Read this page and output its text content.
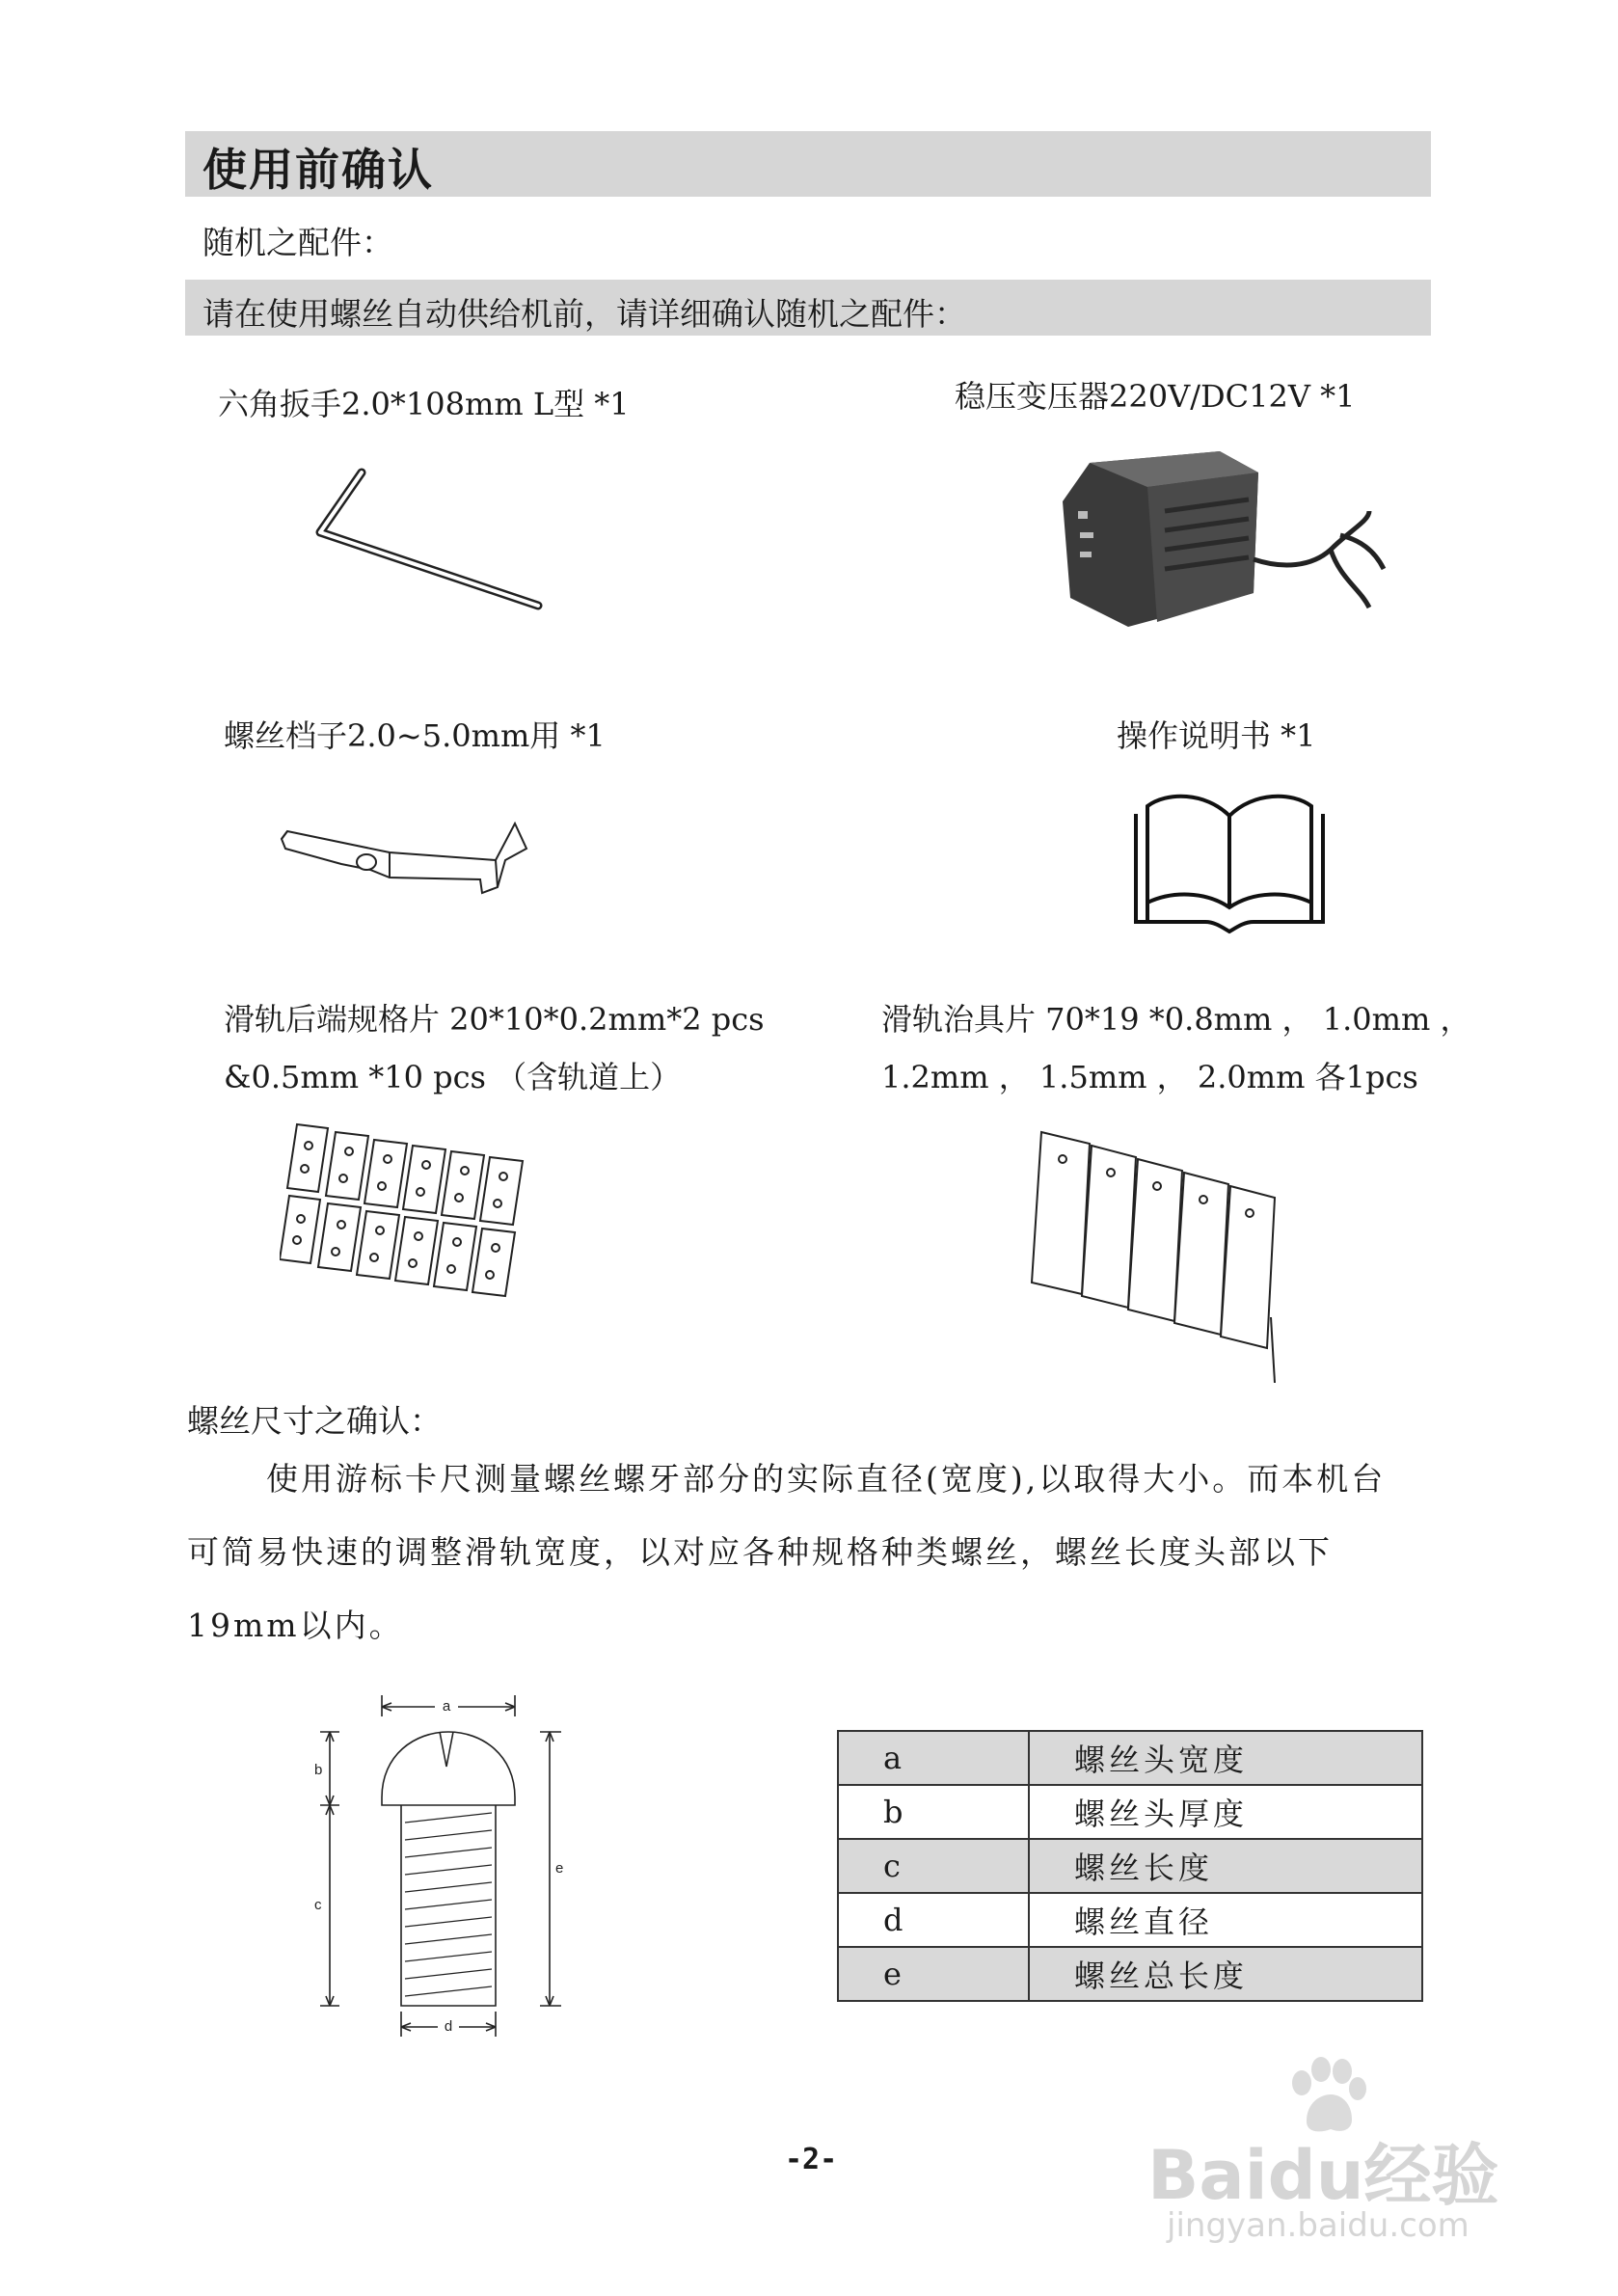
使用前确认
随机之配件：
请在使用螺丝自动供给机前，请详细确认随机之配件：
六角扳手2.0*108mm L型 *1	稳压变压器220V/DC12V *1
螺丝档子2.0~5.0mm用 *1	操作说明书 *1
滑轨后端规格片 20*10*0.2mm*2 pcs
&0.5mm *10 pcs （含轨道上）
滑轨治具片 70*19 *0.8mm ， 1.0mm ，
1.2mm ， 1.5mm ， 2.0mm 各1pcs
螺丝尺寸之确认：
使用游标卡尺测量螺丝螺牙部分的实际直径(宽度),以取得大小。而本机台
可简易快速的调整滑轨宽度，以对应各种规格种类螺丝，螺丝长度头部以下
19mm以内。
a
b
c
e
d
a	螺丝头宽度
b	螺丝头厚度
c	螺丝长度
d	螺丝直径
e	螺丝总长度
-2-	Baidu经验
jingyan.baidu.com
